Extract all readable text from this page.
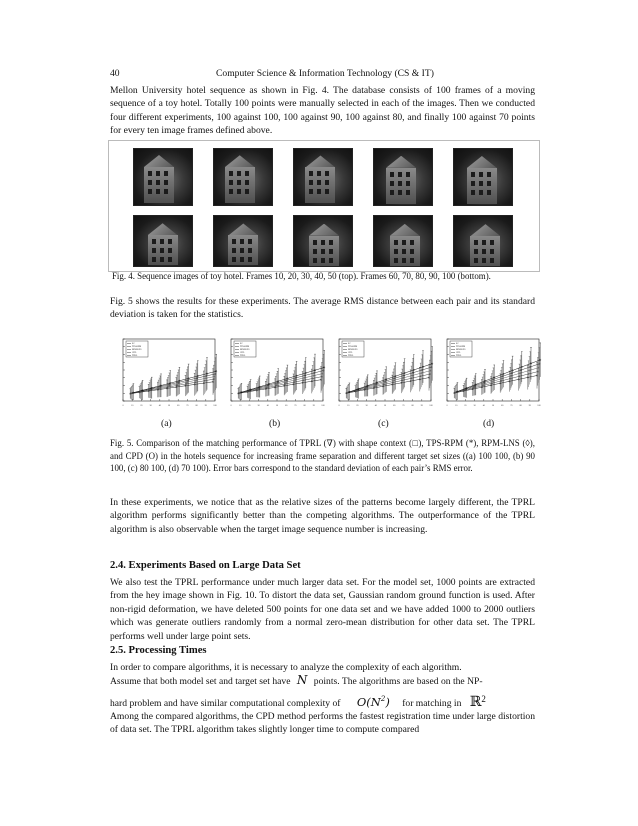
40	Computer Science & Information Technology (CS & IT)
Mellon University hotel sequence as shown in Fig. 4. The database consists of 100 frames of a moving sequence of a toy hotel. Totally 100 points were manually selected in each of the images. Then we conducted four different experiments, 100 against 100, 100 against 90, 100 against 80, and finally 100 against 70 points for every ten image frames defined above.
Fig. 4. Sequence images of toy hotel. Frames 10, 20, 30, 40, 50 (top). Frames 60, 70, 80, 90, 100 (bottom).
Fig. 5 shows the results for these experiments. The average RMS distance between each pair and its standard deviation is taken for the statistics.
0	10	20	30	40	50	60	70	80	90	100
SC
TPS-RPM
RPM-LNS
CPD
TPRL
0	10	20	30	40	50	60	70	80	90	100
SC
TPS-RPM
RPM-LNS
CPD
TPRL
0	10	20	30	40	50	60	70	80	90	100
SC
TPS-RPM
RPM-LNS
CPD
TPRL
0	10	20	30	40	50	60	70	80	90	100
SC
TPS-RPM
RPM-LNS
CPD
TPRL
(a)	(b)	(c)	(d)
Fig. 5. Comparison of the matching performance of TPRL (∇) with shape context (□), TPS-RPM (*), RPM-LNS (◊), and CPD (O) in the hotels sequence for increasing frame separation and different target set sizes ((a) 100 100, (b) 90 100, (c) 80 100, (d) 70 100). Error bars correspond to the standard deviation of each pair’s RMS error.
In these experiments, we notice that as the relative sizes of the patterns become largely different, the TPRL algorithm performs significantly better than the competing algorithms. The outperformance of the TPRL algorithm is also observable when the target image sequence number is increasing.
2.4. Experiments Based on Large Data Set
We also test the TPRL performance under much larger data set. For the model set, 1000 points are extracted from the hey image shown in Fig. 10. To distort the data set, Gaussian random ground function is used. After non-rigid deformation, we have deleted 500 points for one data set and we have added 1000 to 2000 outliers which was generate outliers randomly from a normal zero-mean distribution for other data set. The TPRL performs well under large point sets.
2.5. Processing Times
In order to compare algorithms, it is necessary to analyze the complexity of each algorithm.
Assume that both model set and target set have N points. The algorithms are based on the NP-
hard problem and have similar computational complexity of $O(N^2)$ for matching in ℝ$^2$
Among the compared algorithms, the CPD method performs the fastest registration time under large distortion of data set. The TPRL algorithm takes slightly longer time to compute compared
